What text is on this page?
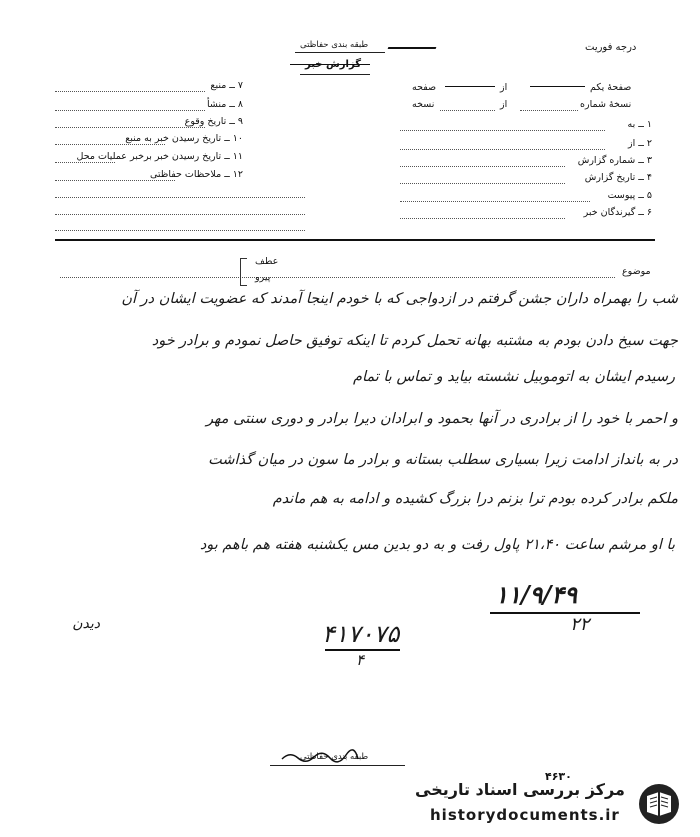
درجه فوریت
طبقه بندی حفاظتی
۷ ــ منبع
۸ ــ منشأ
۹ ــ تاریخ وقوع
۱۰ ــ تاریخ رسیدن خبر به منبع
۱۱ ــ تاریخ رسیدن خبر برخبر عملیات محل
۱۲ ــ ملاحظات حفاظتی
صفحهٔ یکم
از
صفحه
نسخهٔ شماره
از
نسخه
۱ ــ به
۲ ــ از
۳ ــ شماره گزارش
۴ ــ تاریخ گزارش
۵ ــ پیوست
۶ ــ گیرندگان خبر
موضوع
عطف
پیرو
شب را بهمراه داران جشن گرفتم در ازدواجی که با خودم اینجا آمدند که عضویت ایشان در آن
جهت سیخ دادن بودم به مشتبه بهانه تحمل کردم تا اینکه توفیق حاصل نمودم و برادر خود
رسیدم ایشان به اتوموبیل نشسته بیاید و تماس با تمام
و احمر با خود را از برادری در آنها بحمود و ابرادان دیرا برادر و دوری سنتی مهر
در به بانداز ادامت زیرا بسیاری سطلب بستانه و برادر ما سون در میان گذاشت
ملکم برادر کرده بودم ترا بزنم درا بزرگ کشیده و ادامه به هم ماندم
با او مرشم ساعت ۲۱،۴۰ پاول رفت و به دو بدین مس یکشنبه هفته هم باهم بود
دیدن
۱۱/۹/۴۹
۲۲
۴۱۷۰۷۵
۴
طبقه بندی حفاظتی
۴۶۳۰
مرکز بررسی اسناد تاریخی
historydocuments.ir
